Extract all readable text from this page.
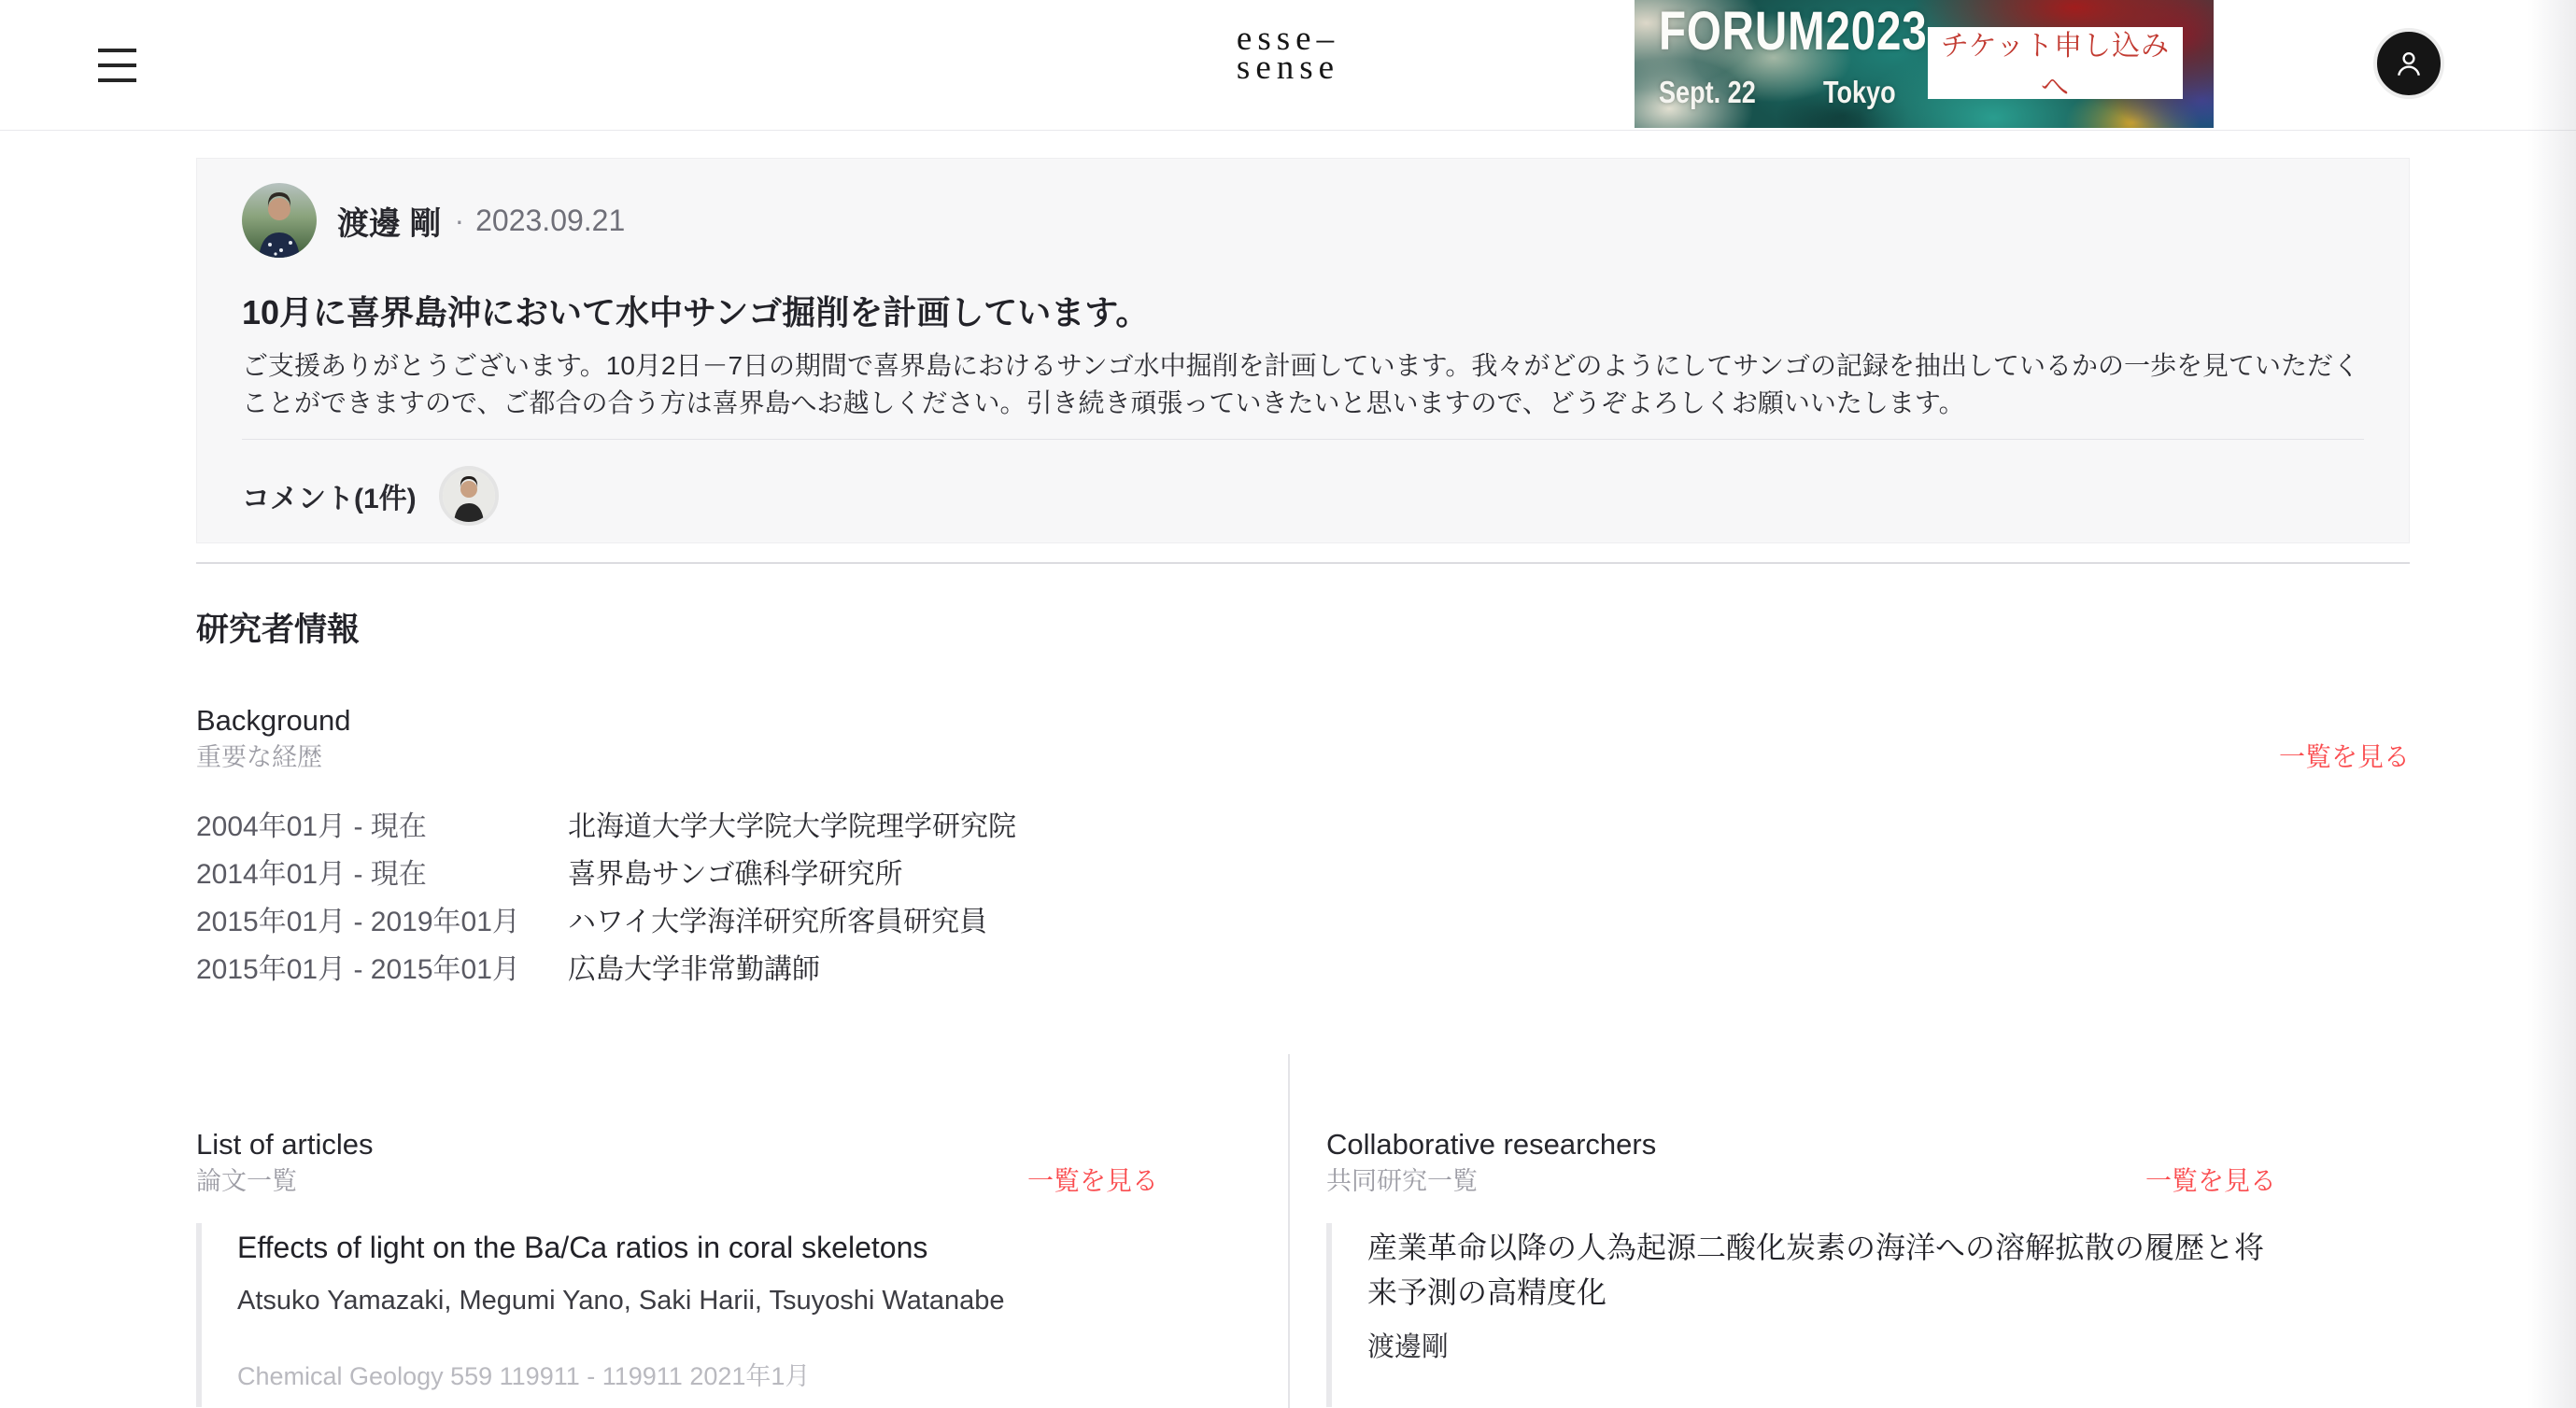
esse–
sense
FORUM2023
Sept. 22 Tokyo
チケット申し込みへ
渡邊 剛 · 2023.09.21
10月に喜界島沖において水中サンゴ掘削を計画しています。
ご支援ありがとうございます。10月2日－7日の期間で喜界島におけるサンゴ水中掘削を計画しています。我々がどのようにしてサンゴの記録を抽出しているかの一歩を見ていただくことができますので、ご都合の合う方は喜界島へお越しください。引き続き頑張っていきたいと思いますので、どうぞよろしくお願いいたします。
コメント(1件)
研究者情報
Background
重要な経歴	一覧を見る
2004年01月 - 現在	北海道大学大学院大学院理学研究院
2014年01月 - 現在	喜界島サンゴ礁科学研究所
2015年01月 - 2019年01月	ハワイ大学海洋研究所客員研究員
2015年01月 - 2015年01月	広島大学非常勤講師
List of articles
論文一覧	一覧を見る
Effects of light on the Ba/Ca ratios in coral skeletons
Atsuko Yamazaki, Megumi Yano, Saki Harii, Tsuyoshi Watanabe
Chemical Geology 559 119911 - 119911 2021年1月
Collaborative researchers
共同研究一覧	一覧を見る
産業革命以降の人為起源二酸化炭素の海洋への溶解拡散の履歴と将来予測の高精度化
渡邊剛
